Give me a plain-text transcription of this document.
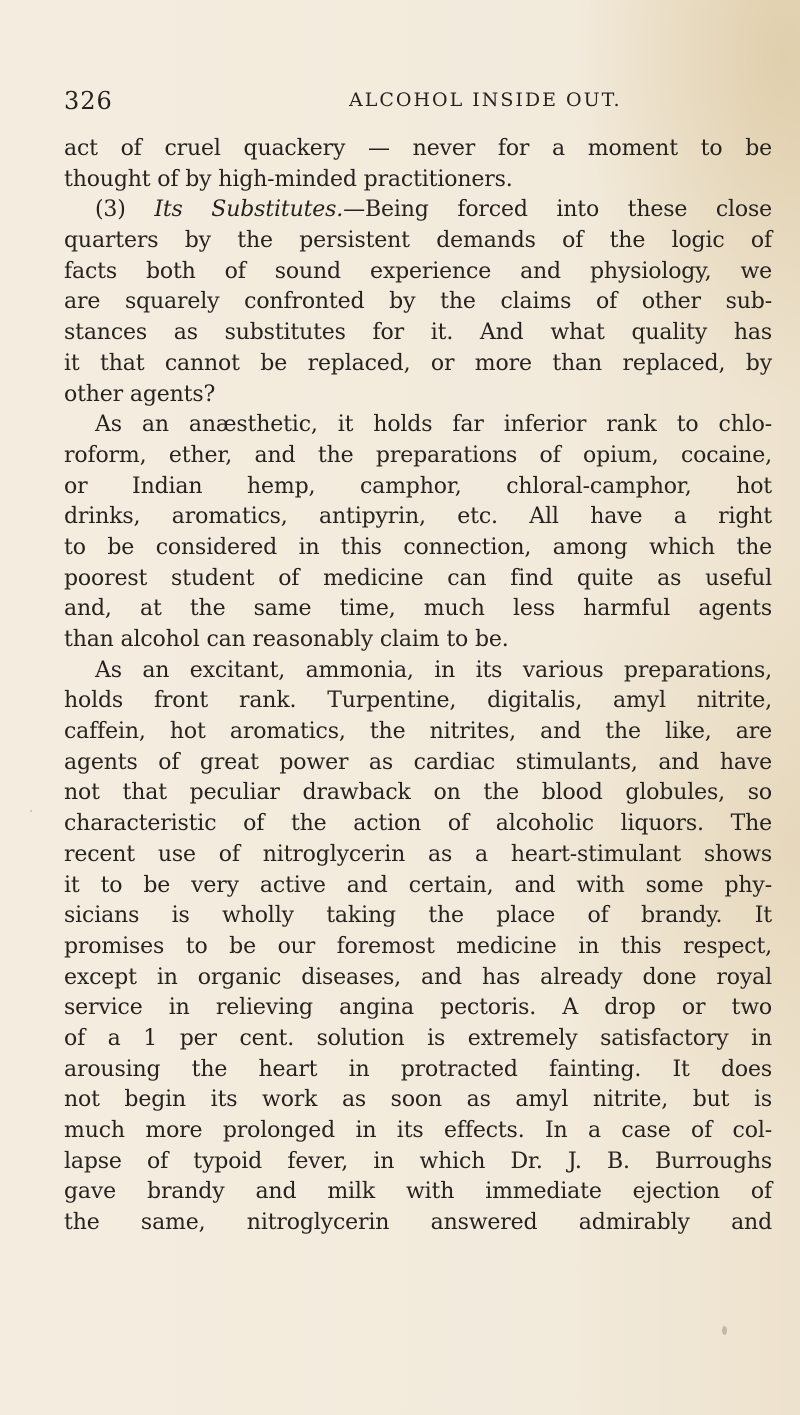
326	ALCOHOL INSIDE OUT.
act of cruel quackery — never for a moment to be
thought of by high-minded practitioners.
(3) Its Substitutes.—Being forced into these close
quarters by the persistent demands of the logic of
facts both of sound experience and physiology, we
are squarely confronted by the claims of other sub-
stances as substitutes for it. And what quality has
it that cannot be replaced, or more than replaced, by
other agents?
As an anæsthetic, it holds far inferior rank to chlo-
roform, ether, and the preparations of opium, cocaine,
or Indian hemp, camphor, chloral-camphor, hot
drinks, aromatics, antipyrin, etc. All have a right
to be considered in this connection, among which the
poorest student of medicine can find quite as useful
and, at the same time, much less harmful agents
than alcohol can reasonably claim to be.
As an excitant, ammonia, in its various preparations,
holds front rank. Turpentine, digitalis, amyl nitrite,
caffein, hot aromatics, the nitrites, and the like, are
agents of great power as cardiac stimulants, and have
not that peculiar drawback on the blood globules, so
characteristic of the action of alcoholic liquors. The
recent use of nitroglycerin as a heart-stimulant shows
it to be very active and certain, and with some phy-
sicians is wholly taking the place of brandy. It
promises to be our foremost medicine in this respect,
except in organic diseases, and has already done royal
service in relieving angina pectoris. A drop or two
of a 1 per cent. solution is extremely satisfactory in
arousing the heart in protracted fainting. It does
not begin its work as soon as amyl nitrite, but is
much more prolonged in its effects. In a case of col-
lapse of typoid fever, in which Dr. J. B. Burroughs
gave brandy and milk with immediate ejection of
the same, nitroglycerin answered admirably and
